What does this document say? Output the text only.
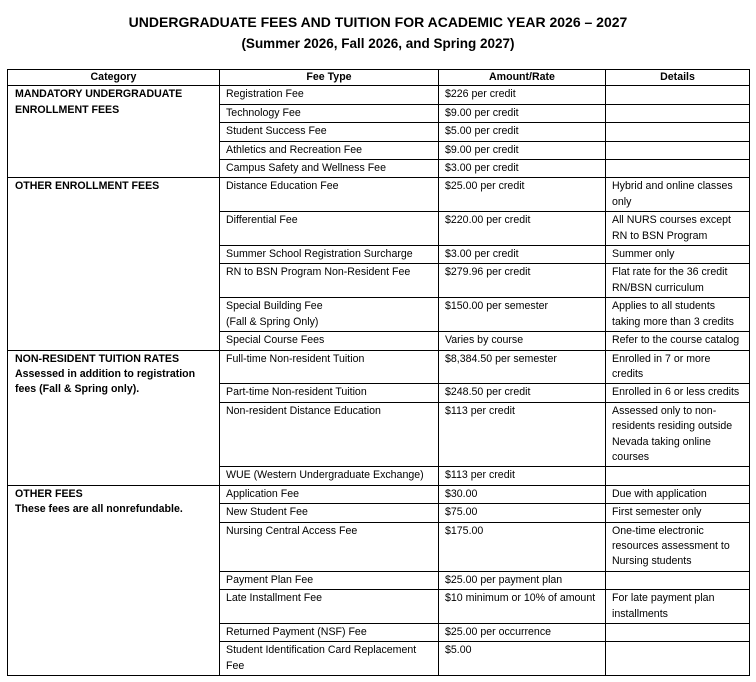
UNDERGRADUATE FEES AND TUITION FOR ACADEMIC YEAR 2026 – 2027
(Summer 2026, Fall 2026, and Spring 2027)
Category	Fee Type	Amount/Rate	Details
MANDATORY UNDERGRADUATE ENROLLMENT FEES	Registration Fee	$226 per credit	

	Technology Fee	$9.00 per credit	

	Student Success Fee	$5.00 per credit	

	Athletics and Recreation Fee	$9.00 per credit	

	Campus Safety and Wellness Fee	$3.00 per credit	
OTHER ENROLLMENT FEES	Distance Education Fee	$25.00 per credit	Hybrid and online classes only

	Differential Fee	$220.00 per credit	All NURS courses except RN to BSN Program

	Summer School Registration Surcharge	$3.00 per credit	Summer only

	RN to BSN Program Non-Resident Fee	$279.96 per credit	Flat rate for the 36 credit RN/BSN curriculum

	Special Building Fee
(Fall & Spring Only)	$150.00 per semester	Applies to all students taking more than 3 credits

	Special Course Fees	Varies by course	Refer to the course catalog
NON-RESIDENT TUITION RATES
Assessed in addition to registration fees (Fall & Spring only).	Full-time Non-resident Tuition	$8,384.50 per semester	Enrolled in 7 or more credits

	Part-time Non-resident Tuition	$248.50 per credit	Enrolled in 6 or less credits

	Non-resident Distance Education	$113 per credit	Assessed only to non-residents residing outside Nevada taking online courses

	WUE (Western Undergraduate Exchange)	$113 per credit	
OTHER FEES
These fees are all nonrefundable.	Application Fee	$30.00	Due with application

	New Student Fee	$75.00	First semester only

	Nursing Central Access Fee	$175.00	One-time electronic resources assessment to Nursing students

	Payment Plan Fee	$25.00 per payment plan	

	Late Installment Fee	$10 minimum or 10% of amount	For late payment plan installments

	Returned Payment (NSF) Fee	$25.00 per occurrence	

	Student Identification Card Replacement Fee	$5.00	
